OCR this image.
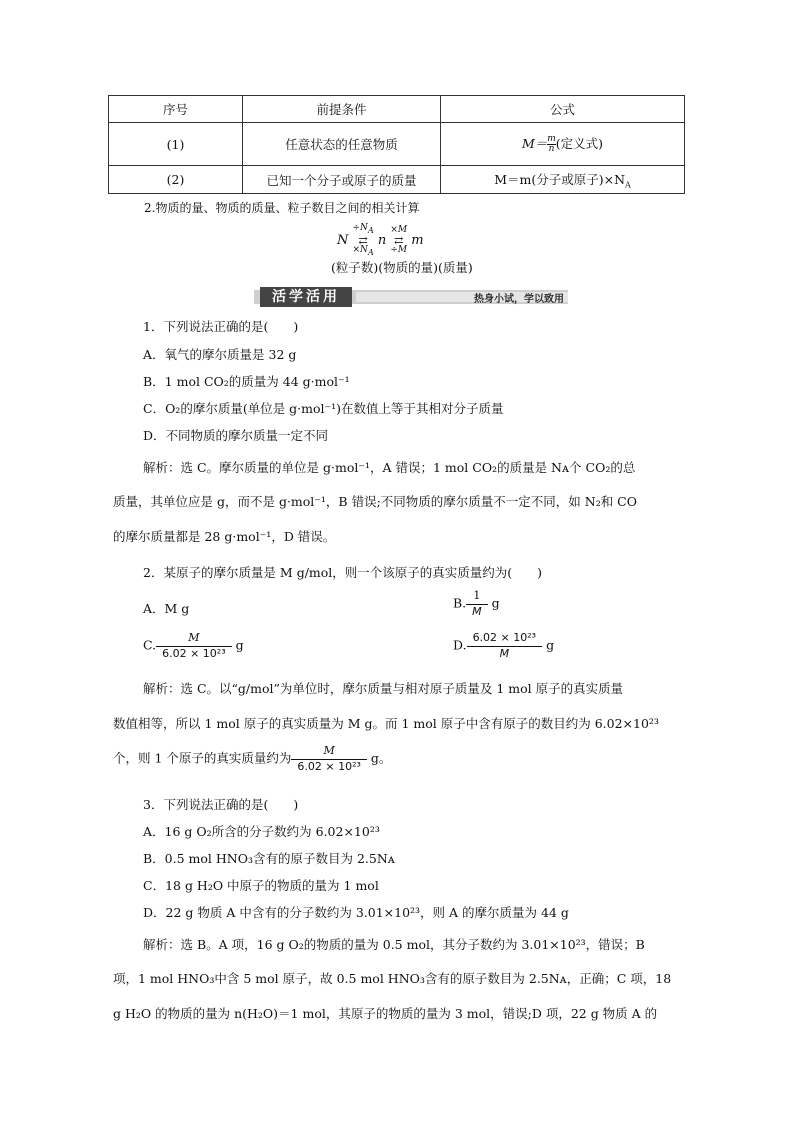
序号	前提条件	公式
(1)	任意状态的任意物质	$M= \frac{m}{n}$ (定义式)
(2)	已知一个分子或原子的质量	M＝m(分子或原子)$\times N_A$
2.物质的量、物质的质量、粒子数目之间的相关计算
N
$\div N_A$
⇄
$\times N_A$
n
×M
⇄
÷M
m
(粒子数)(物质的量)(质量)
活学活用	热身小试，学以致用
1．下列说法正确的是(　　)
A．氧气的摩尔质量是 32 g
B．1 mol CO₂的质量为 44 g·mol⁻¹
C．O₂的摩尔质量(单位是 g·mol⁻¹)在数值上等于其相对分子质量
D．不同物质的摩尔质量一定不同
解析：选 C。摩尔质量的单位是 g·mol⁻¹，A 错误；1 mol CO₂的质量是 Nᴀ个 CO₂的总
质量，其单位应是 g，而不是 g·mol⁻¹，B 错误;不同物质的摩尔质量不一定不同，如 N₂和 CO
的摩尔质量都是 28 g·mol⁻¹，D 错误。
2．某原子的摩尔质量是 M g/mol，则一个该原子的真实质量约为(　　)
A．M g	B. $\frac{1}{M}$ g
C. $\frac{M}{\text{6.02 × 10²³}}$ g	D. $\frac{\text{6.02 × 10²³}}{M}$ g
解析：选 C。以“g/mol”为单位时，摩尔质量与相对原子质量及 1 mol 原子的真实质量
数值相等，所以 1 mol 原子的真实质量为 M g。而 1 mol 原子中含有原子的数目约为 6.02×10²³
个，则 1 个原子的真实质量约为 $\frac{M}{\text{6.02 × 10²³}}$ g。
3．下列说法正确的是(　　)
A．16 g O₂所含的分子数约为 6.02×10²³
B．0.5 mol HNO₃含有的原子数目为 2.5Nᴀ
C．18 g H₂O 中原子的物质的量为 1 mol
D．22 g 物质 A 中含有的分子数约为 3.01×10²³，则 A 的摩尔质量为 44 g
解析：选 B。A 项，16 g O₂的物质的量为 0.5 mol，其分子数约为 3.01×10²³，错误；B
项，1 mol HNO₃中含 5 mol 原子，故 0.5 mol HNO₃含有的原子数目为 2.5Nᴀ，正确；C 项，18
g H₂O 的物质的量为 n(H₂O)＝1 mol，其原子的物质的量为 3 mol，错误;D 项，22 g 物质 A 的
